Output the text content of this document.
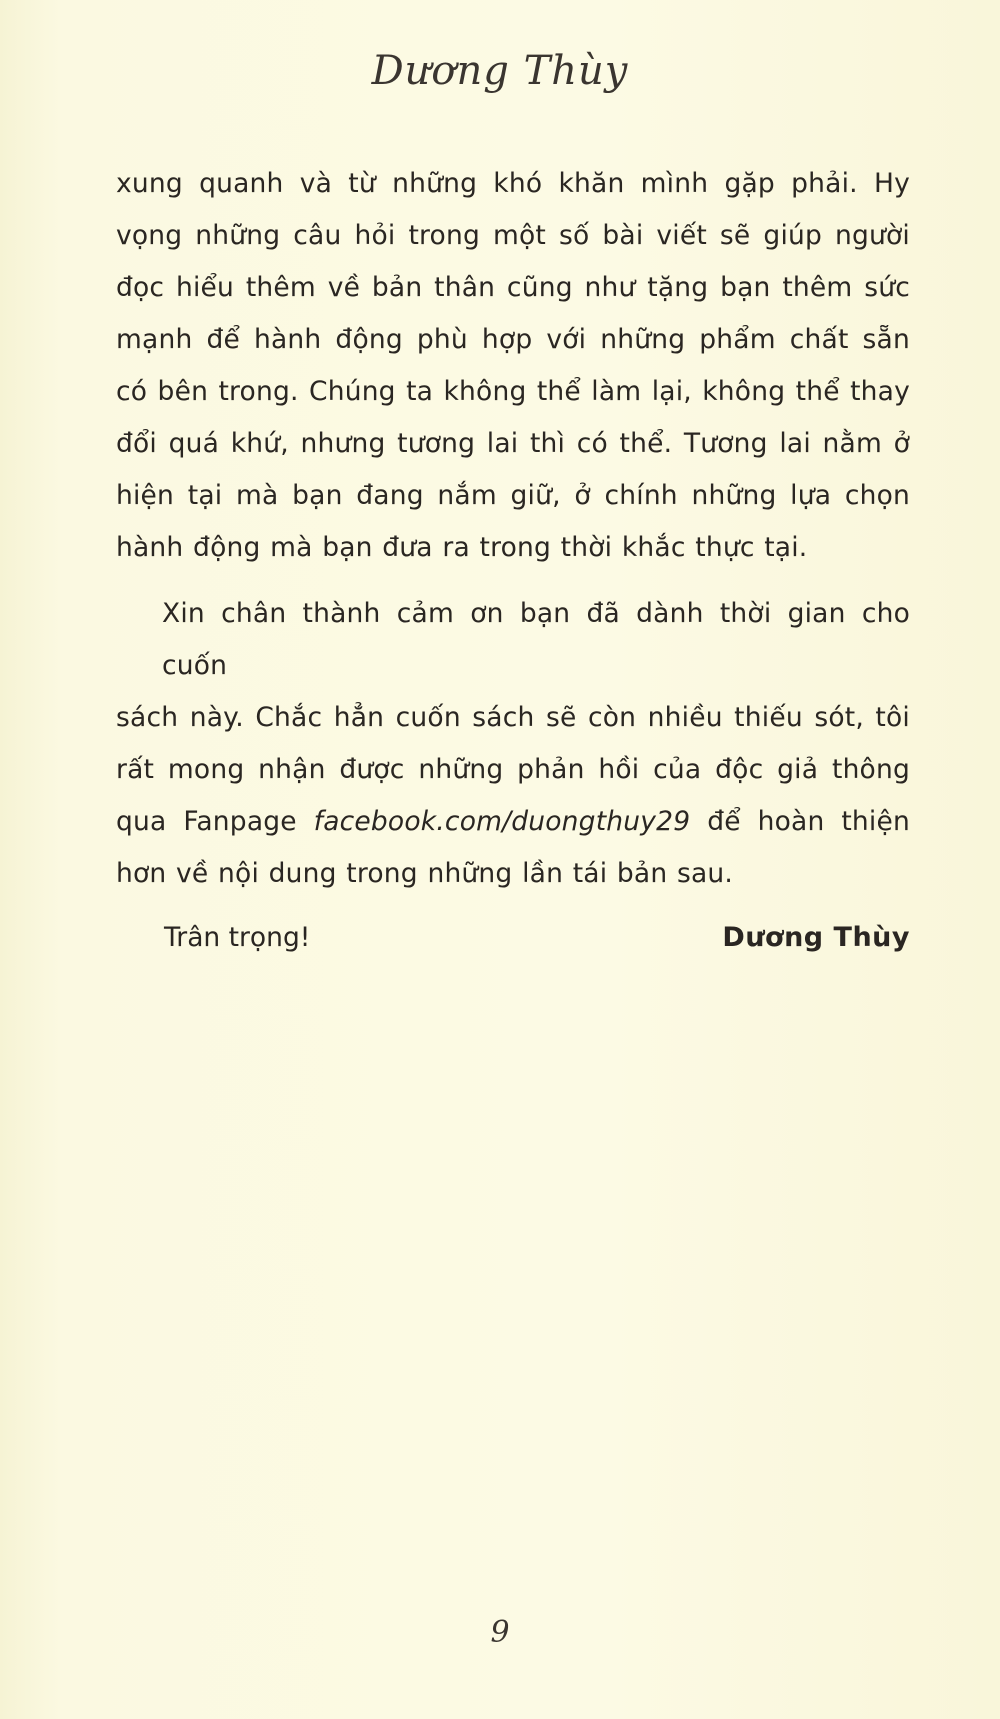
Dương Thùy

xung quanh và từ những khó khăn mình gặp phải. Hy
vọng những câu hỏi trong một số bài viết sẽ giúp người
đọc hiểu thêm về bản thân cũng như tặng bạn thêm sức
mạnh để hành động phù hợp với những phẩm chất sẵn
có bên trong. Chúng ta không thể làm lại, không thể thay
đổi quá khứ, nhưng tương lai thì có thể. Tương lai nằm ở
hiện tại mà bạn đang nắm giữ, ở chính những lựa chọn
hành động mà bạn đưa ra trong thời khắc thực tại.

Xin chân thành cảm ơn bạn đã dành thời gian cho cuốn
sách này. Chắc hẳn cuốn sách sẽ còn nhiều thiếu sót, tôi
rất mong nhận được những phản hồi của độc giả thông
qua Fanpage facebook.com/duongthuy29 để hoàn thiện
hơn về nội dung trong những lần tái bản sau.

Trân trọng!	Dương Thùy
9
